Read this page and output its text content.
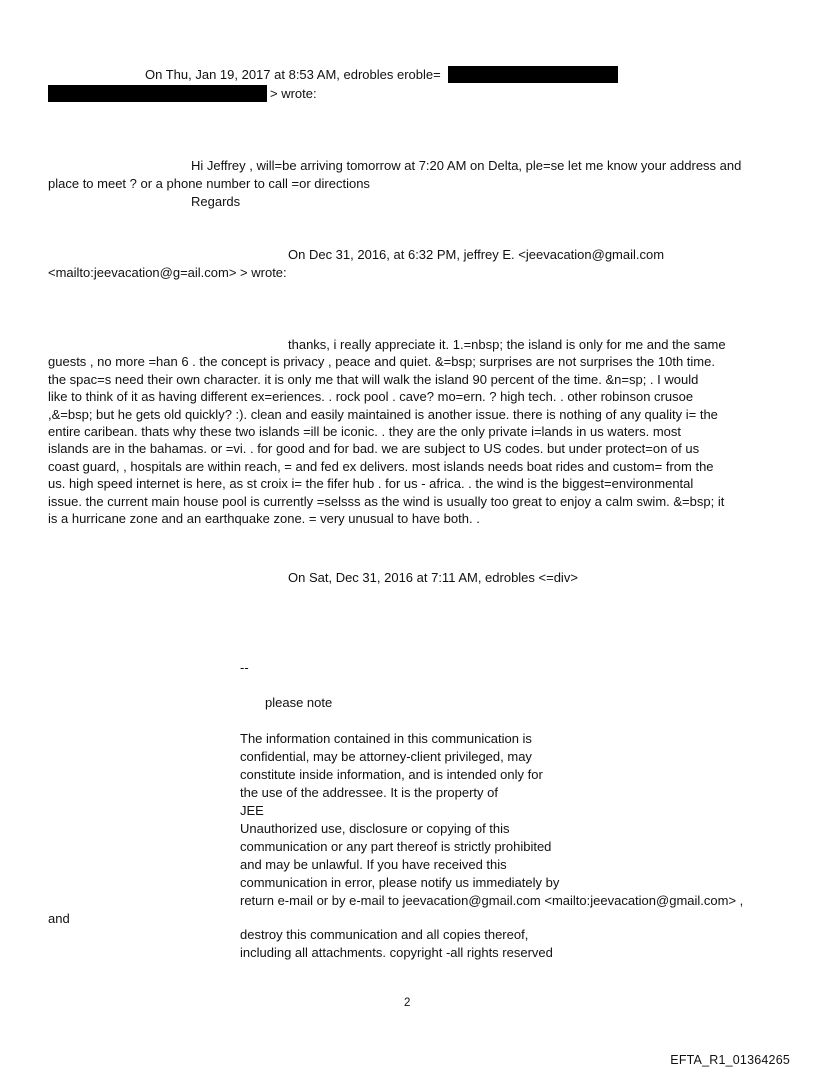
On Thu, Jan 19, 2017 at 8:53 AM, edrobles eroble=
> wrote:
Hi Jeffrey , will=be arriving tomorrow at 7:20 AM on Delta, ple=se let me know your address and
place to meet ? or a phone number to call =or directions
Regards
On Dec 31, 2016, at 6:32 PM, jeffrey E. <jeevacation@gmail.com
<mailto:jeevacation@g=ail.com> > wrote:
thanks, i really appreciate it. 1.=nbsp; the island is only for me and the same
guests , no more =han 6 . the concept is privacy , peace and quiet. &=bsp; surprises are not surprises the 10th time.
the spac=s need their own character. it is only me that will walk the island 90 percent of the time. &n=sp; . I would
like to think of it as having different ex=eriences. . rock pool . cave? mo=ern. ? high tech. . other robinson crusoe
,&=bsp; but he gets old quickly? :). clean and easily maintained is another issue. there is nothing of any quality i= the
entire caribean. thats why these two islands =ill be iconic. . they are the only private i=lands in us waters. most
islands are in the bahamas. or =vi. . for good and for bad. we are subject to US codes. but under protect=on of us
coast guard, , hospitals are within reach, = and fed ex delivers. most islands needs boat rides and custom= from the
us. high speed internet is here, as st croix i= the fifer hub . for us - africa. . the wind is the biggest=environmental
issue. the current main house pool is currently =selsss as the wind is usually too great to enjoy a calm swim. &=bsp; it
is a hurricane zone and an earthquake zone. = very unusual to have both. .
On Sat, Dec 31, 2016 at 7:11 AM, edrobles <=div>
--
please note
The information contained in this communication is
confidential, may be attorney-client privileged, may
constitute inside information, and is intended only for
the use of the addressee. It is the property of
JEE
Unauthorized use, disclosure or copying of this
communication or any part thereof is strictly prohibited
and may be unlawful. If you have received this
communication in error, please notify us immediately by
return e-mail or by e-mail to jeevacation@gmail.com <mailto:jeevacation@gmail.com> ,
and
destroy this communication and all copies thereof,
including all attachments. copyright -all rights reserved
2
EFTA_R1_01364265
